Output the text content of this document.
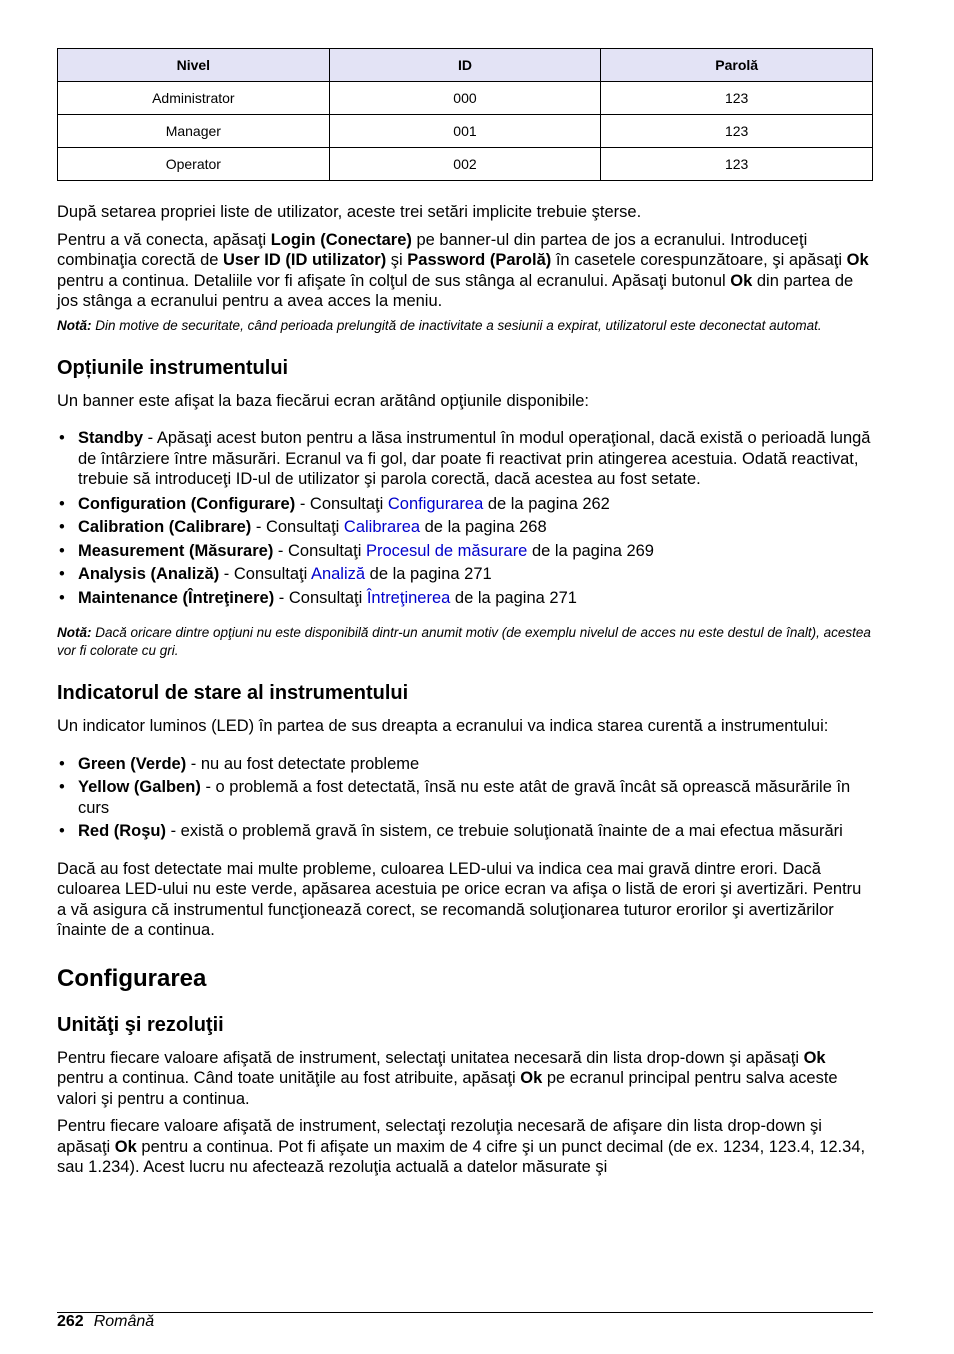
Nivel	ID	Parolă
Administrator	000	123
Manager	001	123
Operator	002	123

După setarea propriei liste de utilizator, aceste trei setări implicite trebuie şterse.

Pentru a vă conecta, apăsaţi Login (Conectare) pe banner-ul din partea de jos a ecranului. Introduceţi combinaţia corectă de User ID (ID utilizator) şi Password (Parolă) în casetele corespunzătoare, şi apăsaţi Ok pentru a continua. Detaliile vor fi afişate în colţul de sus stânga al ecranului. Apăsaţi butonul Ok din partea de jos stânga a ecranului pentru a avea acces la meniu.

Notă: Din motive de securitate, când perioada prelungită de inactivitate a sesiunii a expirat, utilizatorul este deconectat automat.

Opțiunile instrumentului

Un banner este afişat la baza fiecărui ecran arătând opţiunile disponibile:

• Standby - Apăsaţi acest buton pentru a lăsa instrumentul în modul operaţional, dacă există o perioadă lungă de întârziere între măsurări. Ecranul va fi gol, dar poate fi reactivat prin atingerea acestuia. Odată reactivat, trebuie să introduceţi ID-ul de utilizator şi parola corectă, dacă acestea au fost setate.
• Configuration (Configurare) - Consultaţi Configurarea de la pagina 262
• Calibration (Calibrare) - Consultaţi Calibrarea de la pagina 268
• Measurement (Măsurare) - Consultaţi Procesul de măsurare de la pagina 269
• Analysis (Analiză) - Consultaţi Analiză de la pagina 271
• Maintenance (Întreţinere) - Consultaţi Întreţinerea de la pagina 271

Notă: Dacă oricare dintre opţiuni nu este disponibilă dintr-un anumit motiv (de exemplu nivelul de acces nu este destul de înalt), acestea vor fi colorate cu gri.

Indicatorul de stare al instrumentului

Un indicator luminos (LED) în partea de sus dreapta a ecranului va indica starea curentă a instrumentului:

• Green (Verde) - nu au fost detectate probleme
• Yellow (Galben) - o problemă a fost detectată, însă nu este atât de gravă încât să oprească măsurările în curs
• Red (Roşu) - există o problemă gravă în sistem, ce trebuie soluţionată înainte de a mai efectua măsurări

Dacă au fost detectate mai multe probleme, culoarea LED-ului va indica cea mai gravă dintre erori. Dacă culoarea LED-ului nu este verde, apăsarea acestuia pe orice ecran va afişa o listă de erori şi avertizări. Pentru a vă asigura că instrumentul funcţionează corect, se recomandă soluţionarea tuturor erorilor şi avertizărilor înainte de a continua.

Configurarea
Unităţi şi rezoluţii

Pentru fiecare valoare afişată de instrument, selectaţi unitatea necesară din lista drop-down şi apăsaţi Ok pentru a continua. Când toate unităţile au fost atribuite, apăsaţi Ok pe ecranul principal pentru salva aceste valori şi pentru a continua.

Pentru fiecare valoare afişată de instrument, selectaţi rezoluţia necesară de afişare din lista drop-down şi apăsaţi Ok pentru a continua. Pot fi afişate un maxim de 4 cifre şi un punct decimal (de ex. 1234, 123.4, 12.34, sau 1.234). Acest lucru nu afectează rezoluţia actuală a datelor măsurate şi

262 Română
